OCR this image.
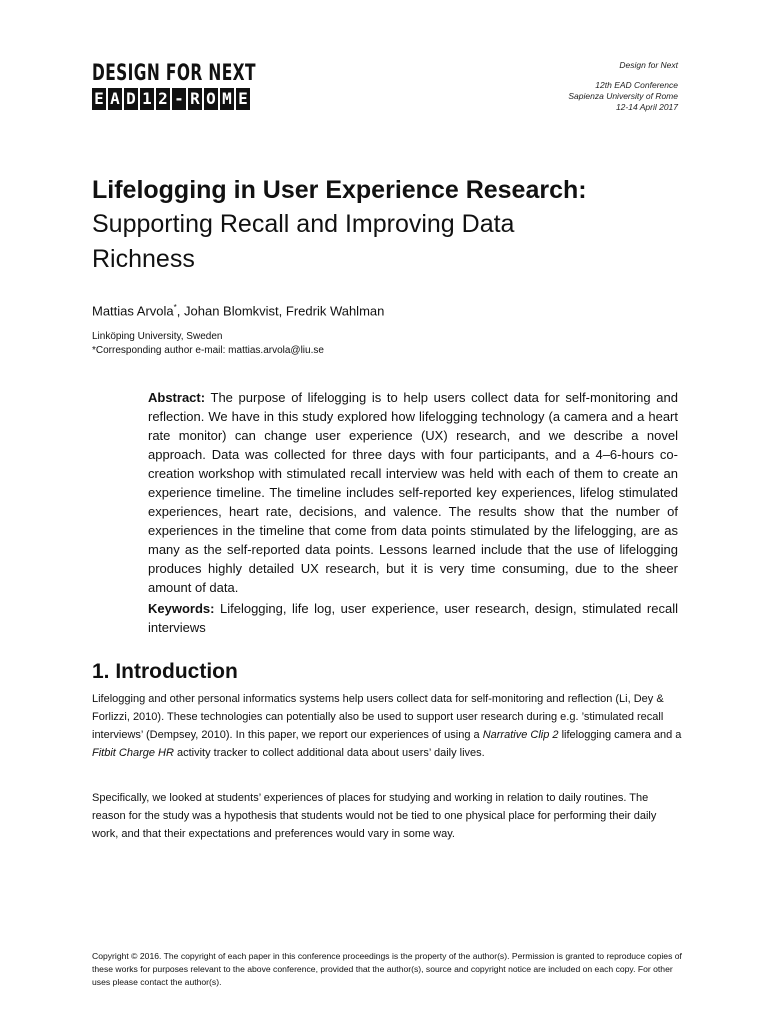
DESIGN FOR NEXT
E A D 1 2 - R O M E
Design for Next
12th EAD Conference
Sapienza University of Rome
12-14 April 2017
Lifelogging in User Experience Research:
Supporting Recall and Improving Data
Richness
Mattias Arvola*, Johan Blomkvist, Fredrik Wahlman
Linköping University, Sweden
*Corresponding author e-mail: mattias.arvola@liu.se
Abstract: The purpose of lifelogging is to help users collect data for self-monitoring and reflection. We have in this study explored how lifelogging technology (a camera and a heart rate monitor) can change user experience (UX) research, and we describe a novel approach. Data was collected for three days with four participants, and a 4–6-hours co-creation workshop with stimulated recall interview was held with each of them to create an experience timeline. The timeline includes self-reported key experiences, lifelog stimulated experiences, heart rate, decisions, and valence. The results show that the number of experiences in the timeline that come from data points stimulated by the lifelogging, are as many as the self-reported data points. Lessons learned include that the use of lifelogging produces highly detailed UX research, but it is very time consuming, due to the sheer amount of data.
Keywords: Lifelogging, life log, user experience, user research, design, stimulated recall interviews
1. Introduction
Lifelogging and other personal informatics systems help users collect data for self-monitoring and reflection (Li, Dey & Forlizzi, 2010). These technologies can potentially also be used to support user research during e.g. ’stimulated recall interviews’ (Dempsey, 2010). In this paper, we report our experiences of using a Narrative Clip 2 lifelogging camera and a Fitbit Charge HR activity tracker to collect additional data about users’ daily lives.
Specifically, we looked at students’ experiences of places for studying and working in relation to daily routines. The reason for the study was a hypothesis that students would not be tied to one physical place for performing their daily work, and that their expectations and preferences would vary in some way.
Copyright © 2016. The copyright of each paper in this conference proceedings is the property of the author(s). Permission is granted to reproduce copies of these works for purposes relevant to the above conference, provided that the author(s), source and copyright notice are included on each copy. For other uses please contact the author(s).
